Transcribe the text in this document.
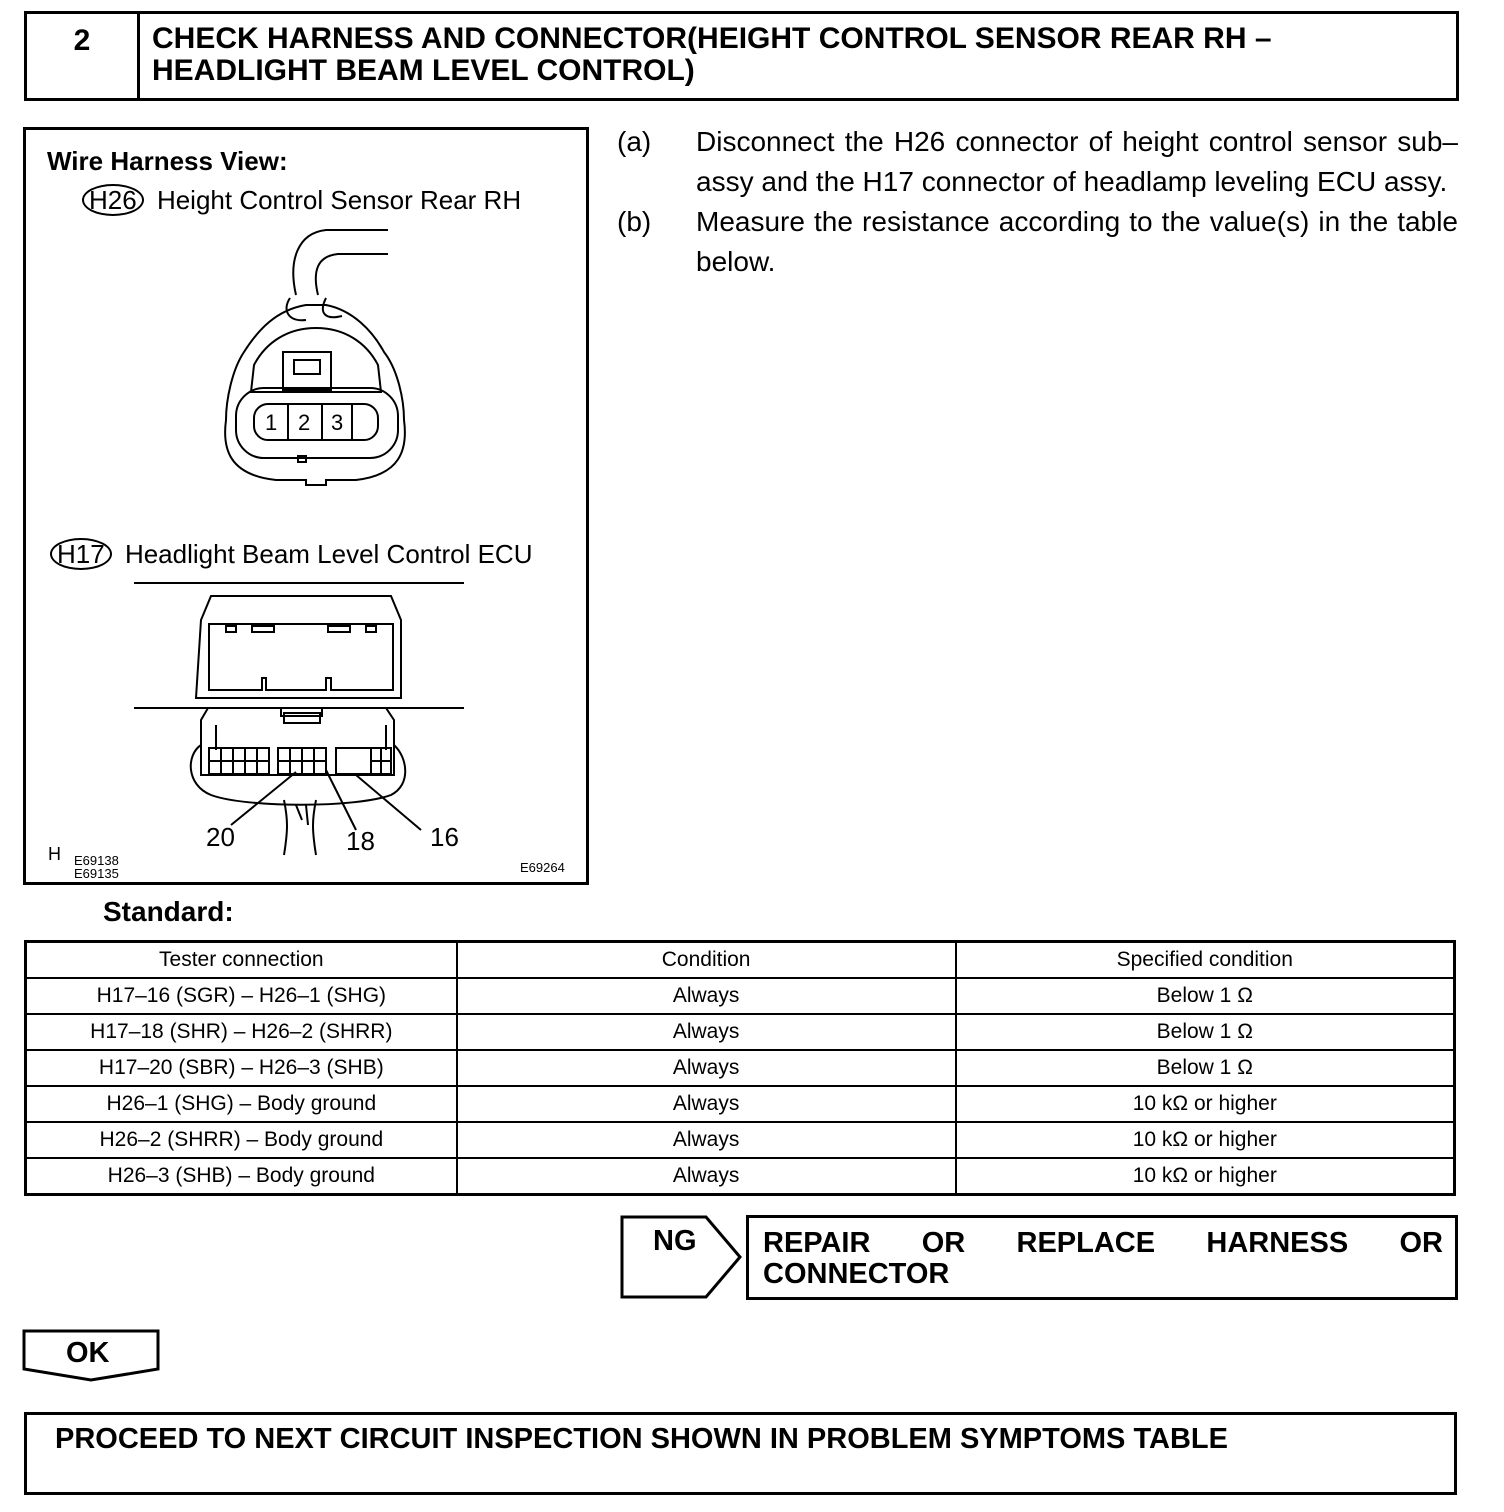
2	CHECK HARNESS AND CONNECTOR(HEIGHT CONTROL SENSOR REAR RH –
HEADLIGHT BEAM LEVEL CONTROL)
Wire Harness View:
H26 Height Control Sensor Rear RH
1 2 3
H17 Headlight Beam Level Control ECU
20	18 16
H E69138
E69135	E69264
(a)	Disconnect the H26 connector of height control sensor sub–assy and the H17 connector of headlamp leveling ECU assy.
(b)	Measure the resistance according to the value(s) in the table below.
Standard:
Tester connection	Condition	Specified condition
H17–16 (SGR) – H26–1 (SHG)	Always	Below 1 Ω
H17–18 (SHR) – H26–2 (SHRR)	Always	Below 1 Ω
H17–20 (SBR) – H26–3 (SHB)	Always	Below 1 Ω
H26–1 (SHG) – Body ground	Always	10 kΩ or higher
H26–2 (SHRR) – Body ground	Always	10 kΩ or higher
H26–3 (SHB) – Body ground	Always	10 kΩ or higher
NG REPAIR OR REPLACE HARNESS OR CONNECTOR
OK
PROCEED TO NEXT CIRCUIT INSPECTION SHOWN IN PROBLEM SYMPTOMS TABLE
